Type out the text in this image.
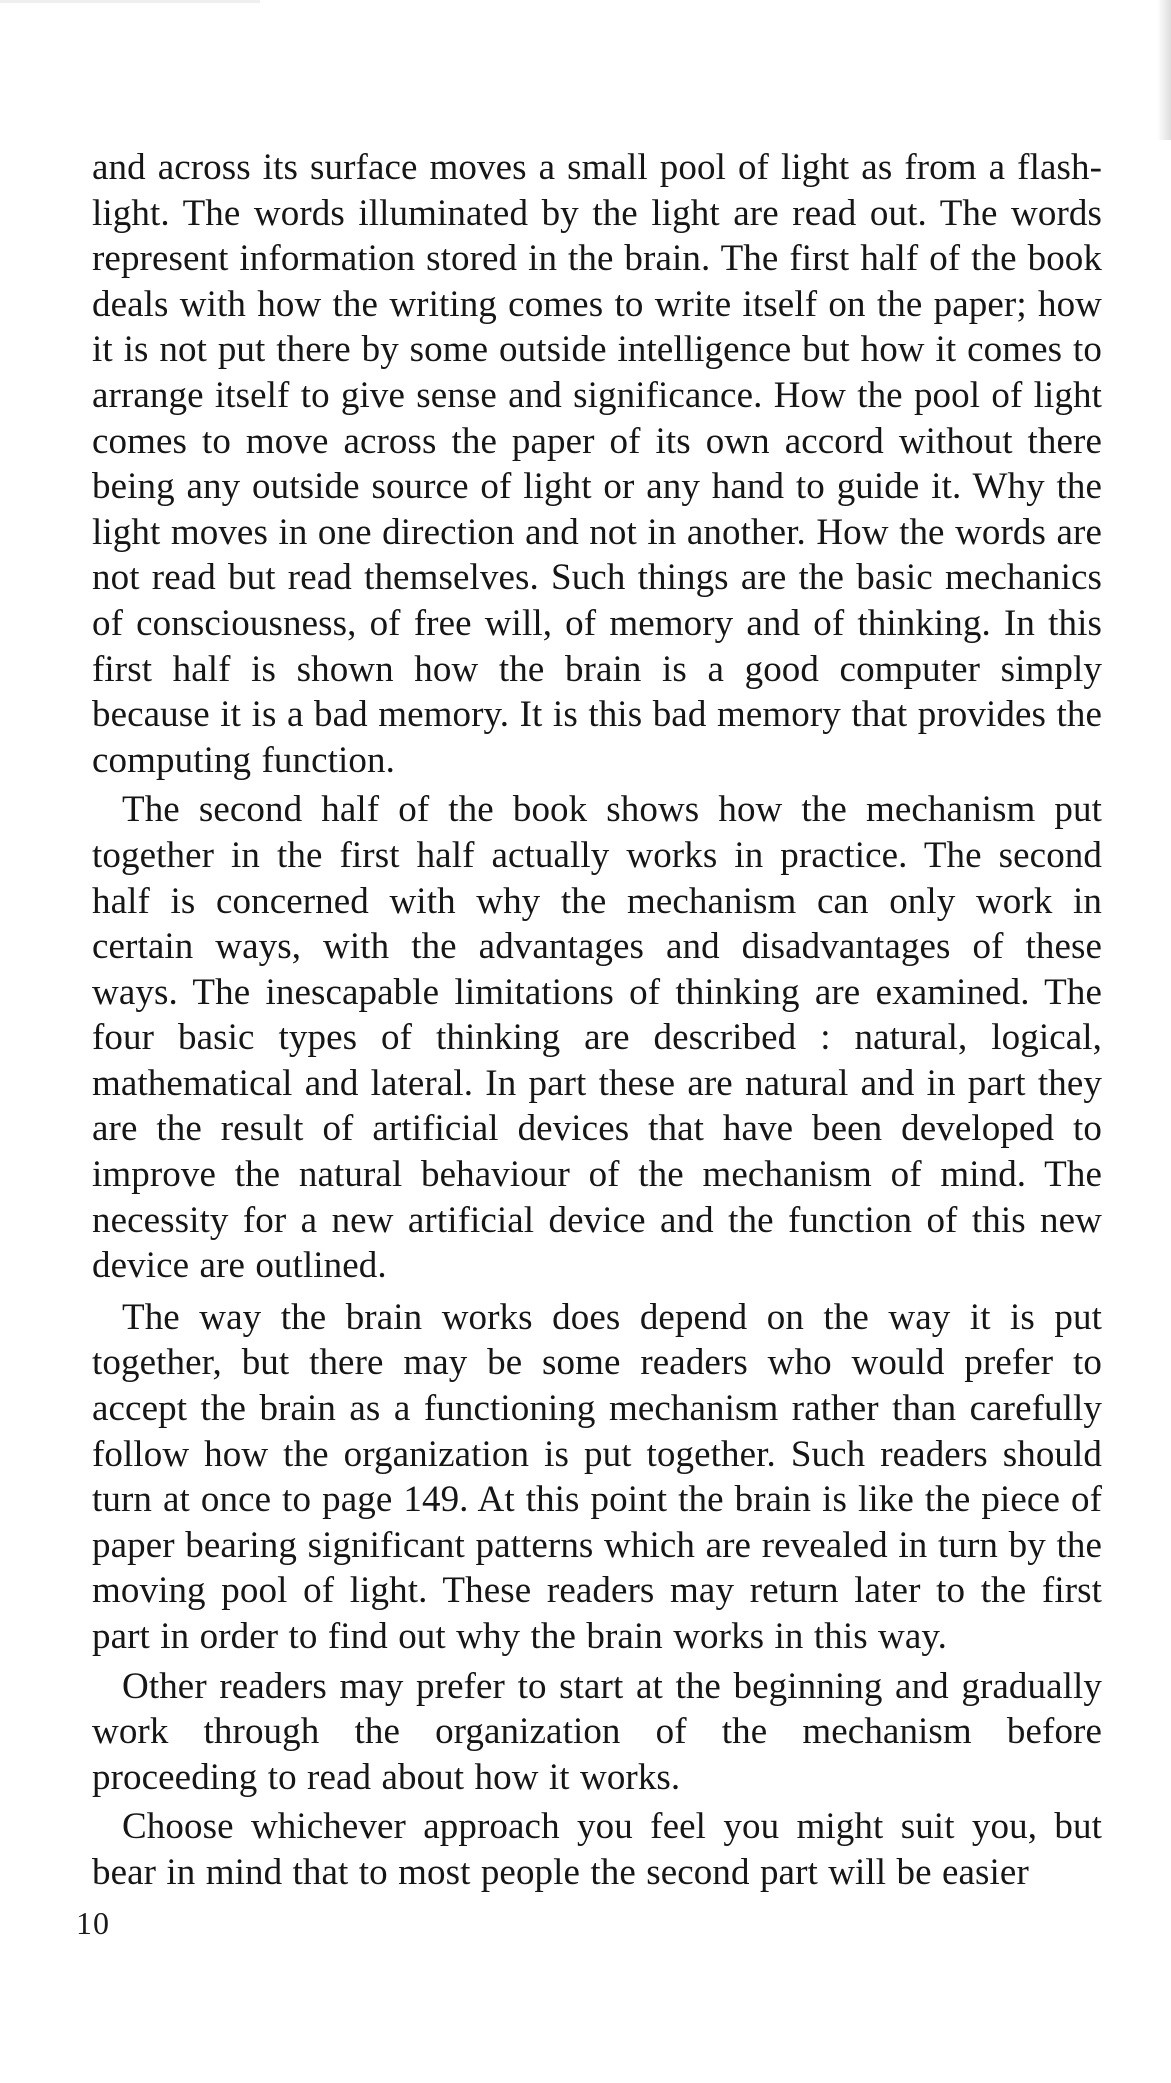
and across its surface moves a small pool of light as from a flash-light. The words illuminated by the light are read out. The words represent information stored in the brain. The first half of the book deals with how the writing comes to write itself on the paper; how it is not put there by some outside intelligence but how it comes to arrange itself to give sense and significance. How the pool of light comes to move across the paper of its own accord without there being any outside source of light or any hand to guide it. Why the light moves in one direction and not in another. How the words are not read but read themselves. Such things are the basic mechanics of consciousness, of free will, of memory and of thinking. In this first half is shown how the brain is a good computer simply because it is a bad memory. It is this bad memory that provides the computing function.

The second half of the book shows how the mechanism put together in the first half actually works in practice. The second half is concerned with why the mechanism can only work in certain ways, with the advantages and disadvantages of these ways. The inescapable limitations of thinking are examined. The four basic types of thinking are described : natural, logical, mathematical and lateral. In part these are natural and in part they are the result of artificial devices that have been developed to improve the natural behaviour of the mechanism of mind. The necessity for a new artificial device and the function of this new device are outlined.

The way the brain works does depend on the way it is put together, but there may be some readers who would prefer to accept the brain as a functioning mechanism rather than carefully follow how the organization is put together. Such readers should turn at once to page 149. At this point the brain is like the piece of paper bearing significant patterns which are revealed in turn by the moving pool of light. These readers may return later to the first part in order to find out why the brain works in this way.

Other readers may prefer to start at the beginning and gradually work through the organization of the mechanism before proceeding to read about how it works.

Choose whichever approach you feel you might suit you, but bear in mind that to most people the second part will be easier

10
